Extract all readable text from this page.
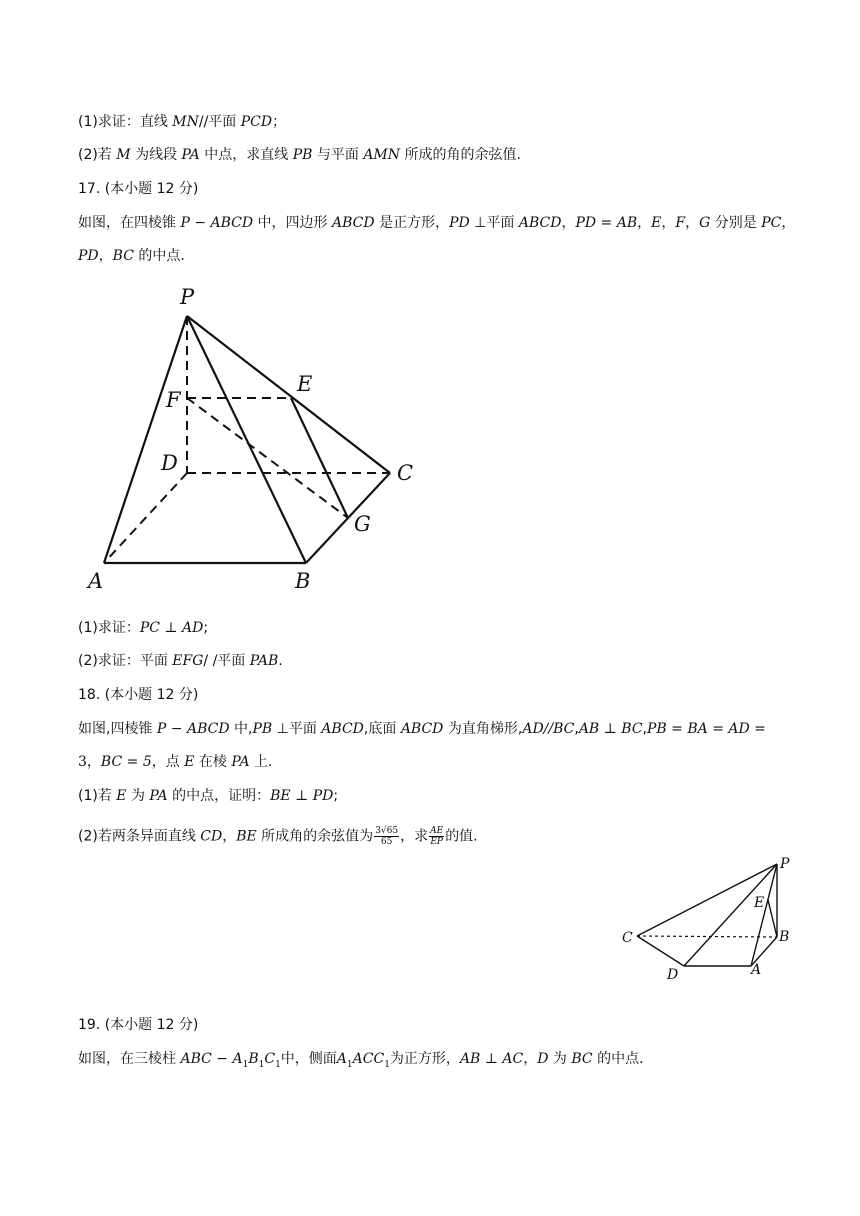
(1)求证：直线 MN//平面 PCD；
(2)若 M 为线段 PA 中点，求直线 PB 与平面 AMN 所成的角的余弦值.
17. (本小题 12 分)
如图，在四棱锥 P − ABCD 中，四边形 ABCD 是正方形，PD ⊥平面 ABCD，PD = AB，E，F，G 分别是 PC，
PD，BC 的中点.
P
E
F
D	C
G
A	B
(1)求证：PC ⊥ AD;
(2)求证：平面 EFG/ /平面 PAB.
18. (本小题 12 分)
如图,四棱锥 P − ABCD 中,PB ⊥平面 ABCD,底面 ABCD 为直角梯形,AD//BC,AB ⊥ BC,PB = BA = AD =
3，BC = 5，点 E 在棱 PA 上.
(1)若 E 为 PA 的中点，证明：BE ⊥ PD;
(2)若两条异面直线 CD，BE 所成角的余弦值为 $\frac{3√65}{65}$ ，求 $\frac{AE}{EP}$ 的值.
P
E
C	B
D	A
19. (本小题 12 分)
如图，在三棱柱 ABC − $A_1B_1C_1$中，侧面$A_1ACC_1$为正方形，AB ⊥ AC，D 为 BC 的中点.
